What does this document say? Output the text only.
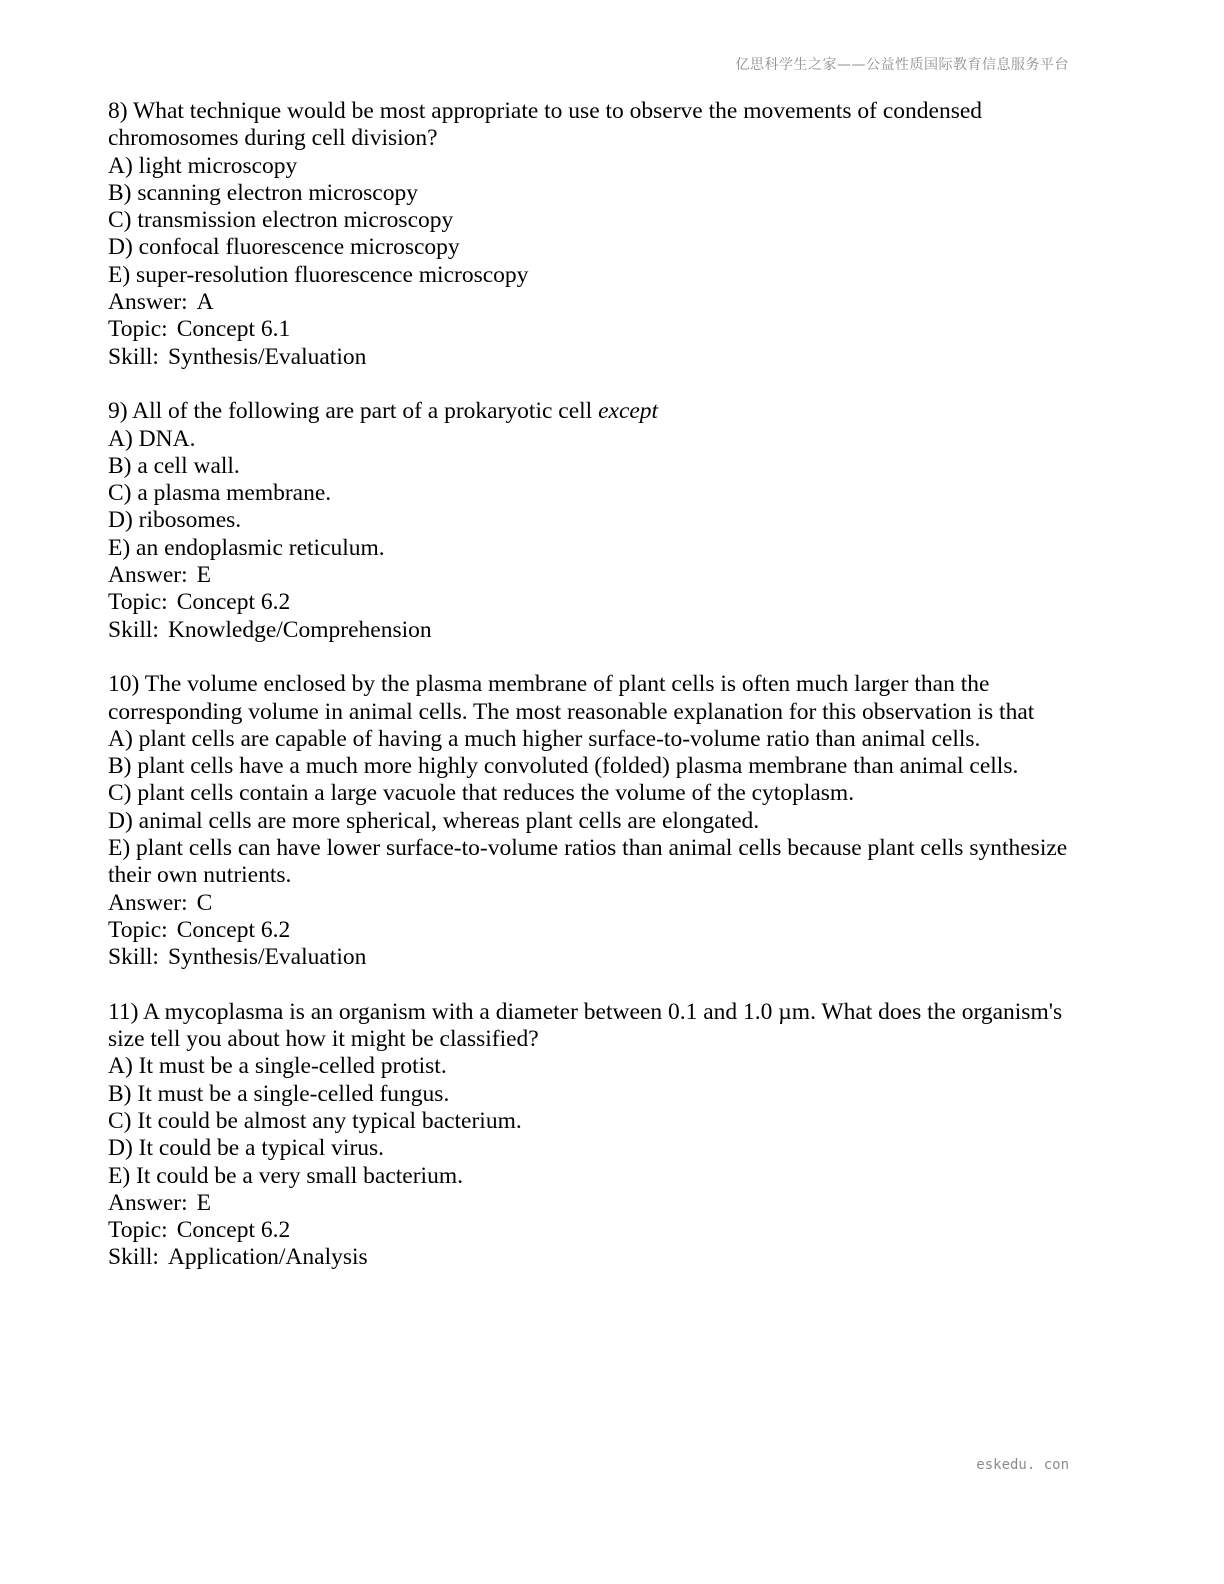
亿思科学生之家——公益性质国际教育信息服务平台
8) What technique would be most appropriate to use to observe the movements of condensed chromosomes during cell division?
A) light microscopy
B) scanning electron microscopy
C) transmission electron microscopy
D) confocal fluorescence microscopy
E) super-resolution fluorescence microscopy
Answer: A
Topic: Concept 6.1
Skill: Synthesis/Evaluation
9) All of the following are part of a prokaryotic cell except
A) DNA.
B) a cell wall.
C) a plasma membrane.
D) ribosomes.
E) an endoplasmic reticulum.
Answer: E
Topic: Concept 6.2
Skill: Knowledge/Comprehension
10) The volume enclosed by the plasma membrane of plant cells is often much larger than the corresponding volume in animal cells. The most reasonable explanation for this observation is that
A) plant cells are capable of having a much higher surface-to-volume ratio than animal cells.
B) plant cells have a much more highly convoluted (folded) plasma membrane than animal cells.
C) plant cells contain a large vacuole that reduces the volume of the cytoplasm.
D) animal cells are more spherical, whereas plant cells are elongated.
E) plant cells can have lower surface-to-volume ratios than animal cells because plant cells synthesize their own nutrients.
Answer: C
Topic: Concept 6.2
Skill: Synthesis/Evaluation
11) A mycoplasma is an organism with a diameter between 0.1 and 1.0 µm. What does the organism's size tell you about how it might be classified?
A) It must be a single-celled protist.
B) It must be a single-celled fungus.
C) It could be almost any typical bacterium.
D) It could be a typical virus.
E) It could be a very small bacterium.
Answer: E
Topic: Concept 6.2
Skill: Application/Analysis
eskedu. con
